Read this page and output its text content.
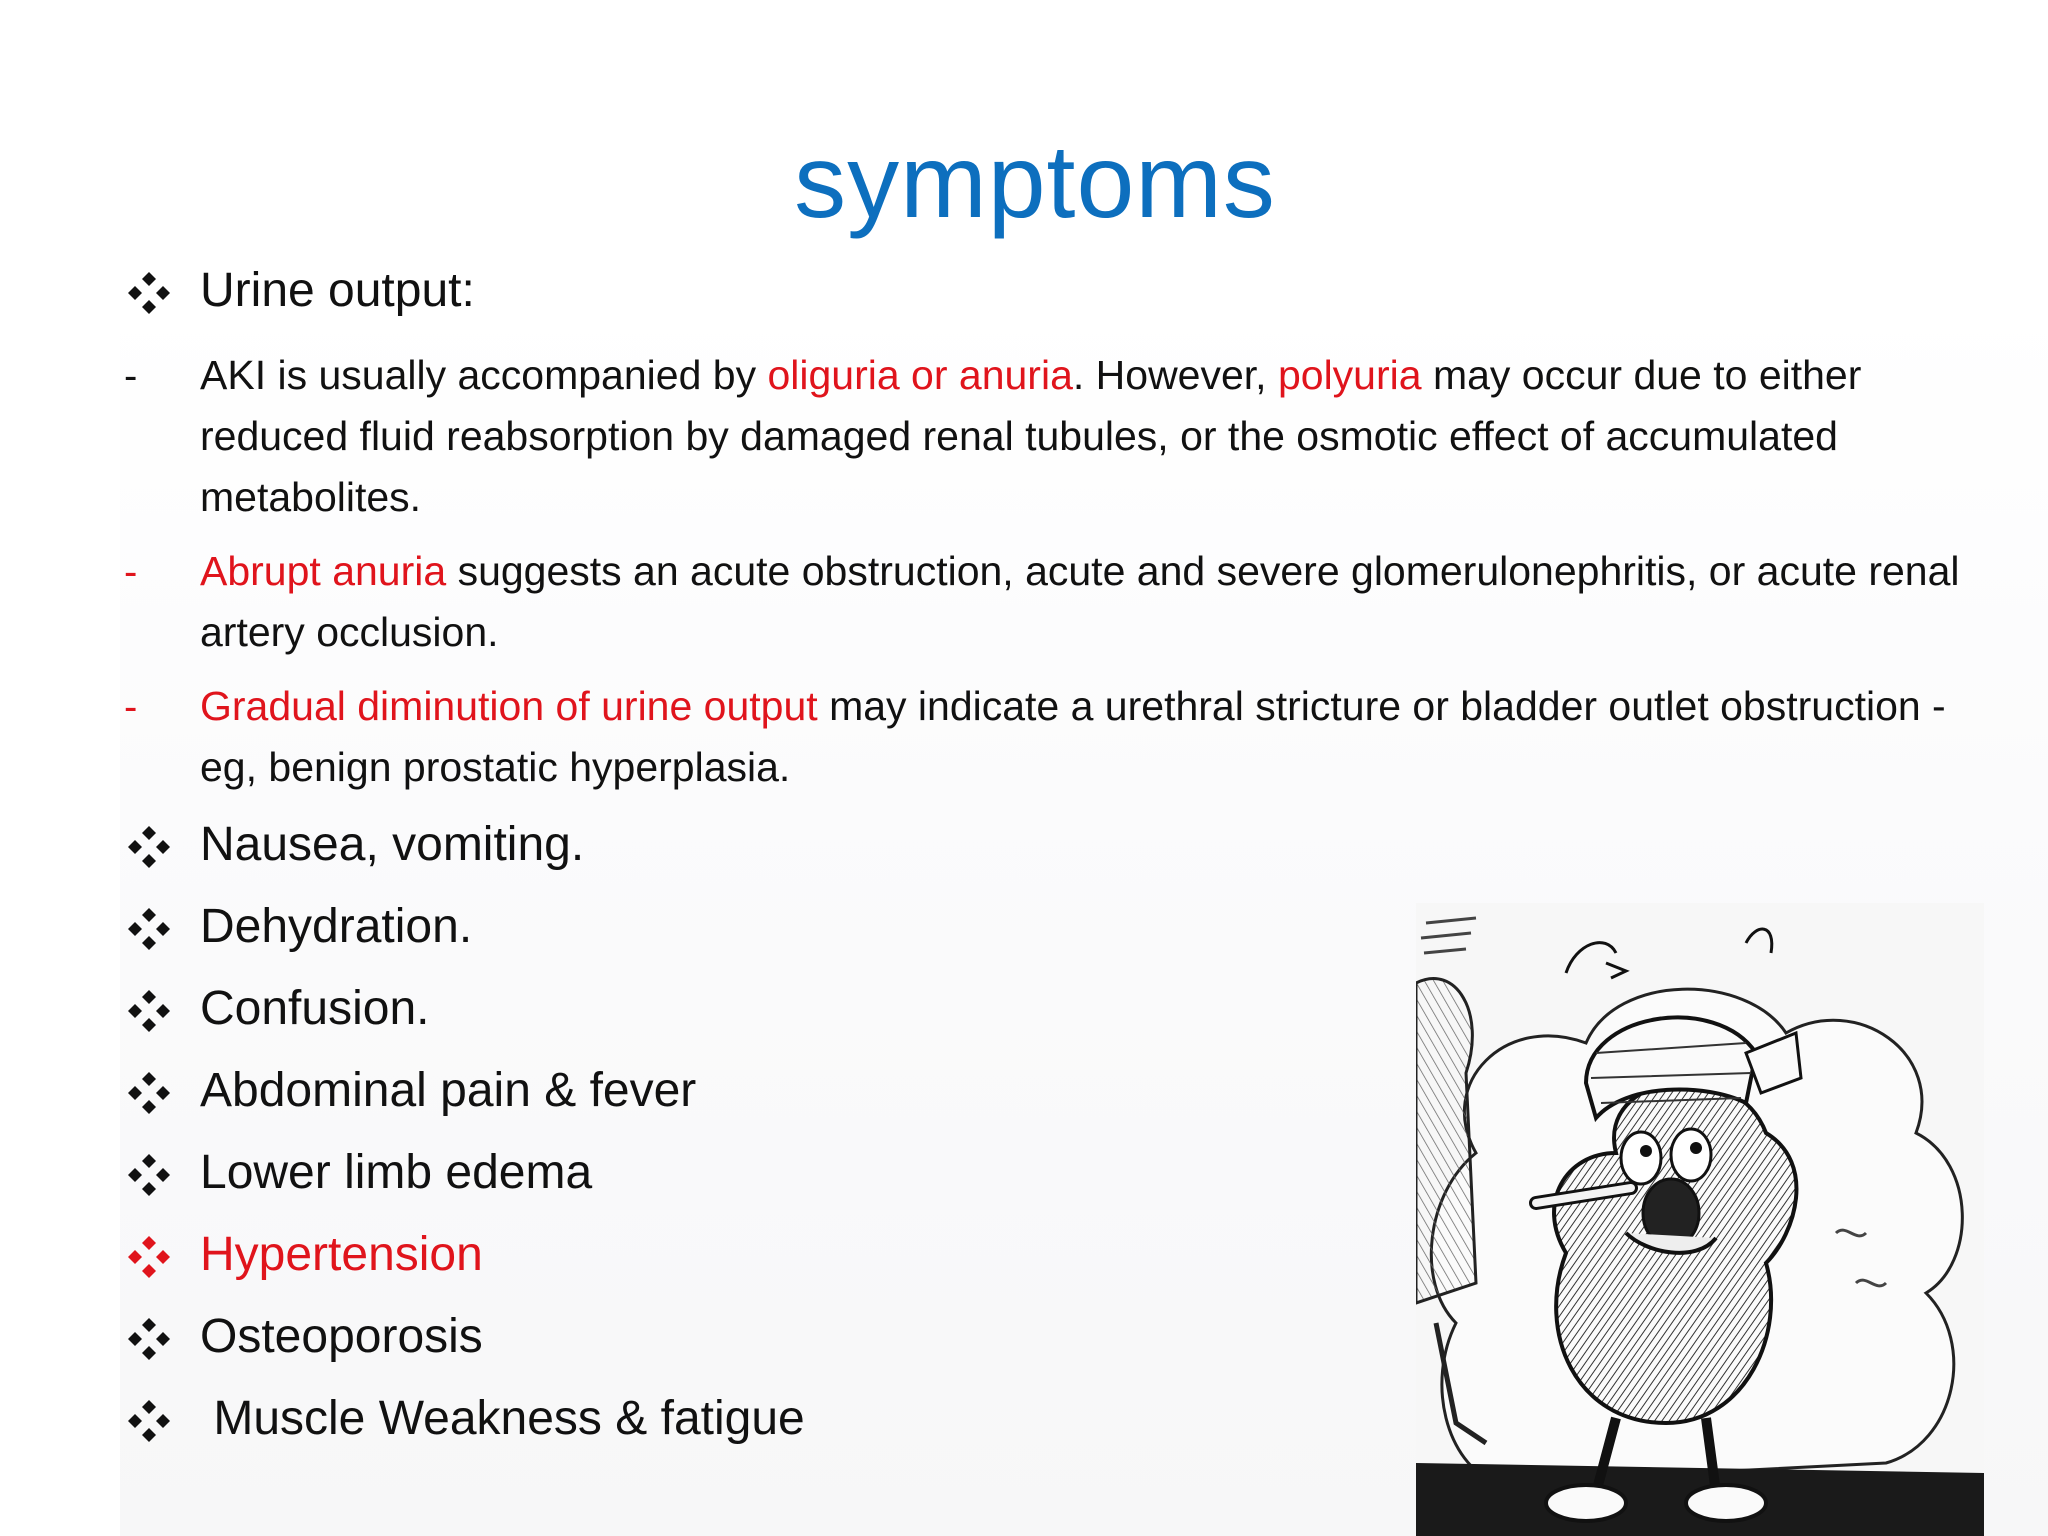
symptoms
Urine output:
- AKI is usually accompanied by oliguria or anuria. However, polyuria may occur due to either reduced fluid reabsorption by damaged renal tubules, or the osmotic effect of accumulated metabolites.
- Abrupt anuria suggests an acute obstruction, acute and severe glomerulonephritis, or acute renal artery occlusion.
- Gradual diminution of urine output may indicate a urethral stricture or bladder outlet obstruction - eg, benign prostatic hyperplasia.
Nausea, vomiting.
Dehydration.
Confusion.
Abdominal pain & fever
Lower limb edema
Hypertension
Osteoporosis
Muscle Weakness & fatigue
